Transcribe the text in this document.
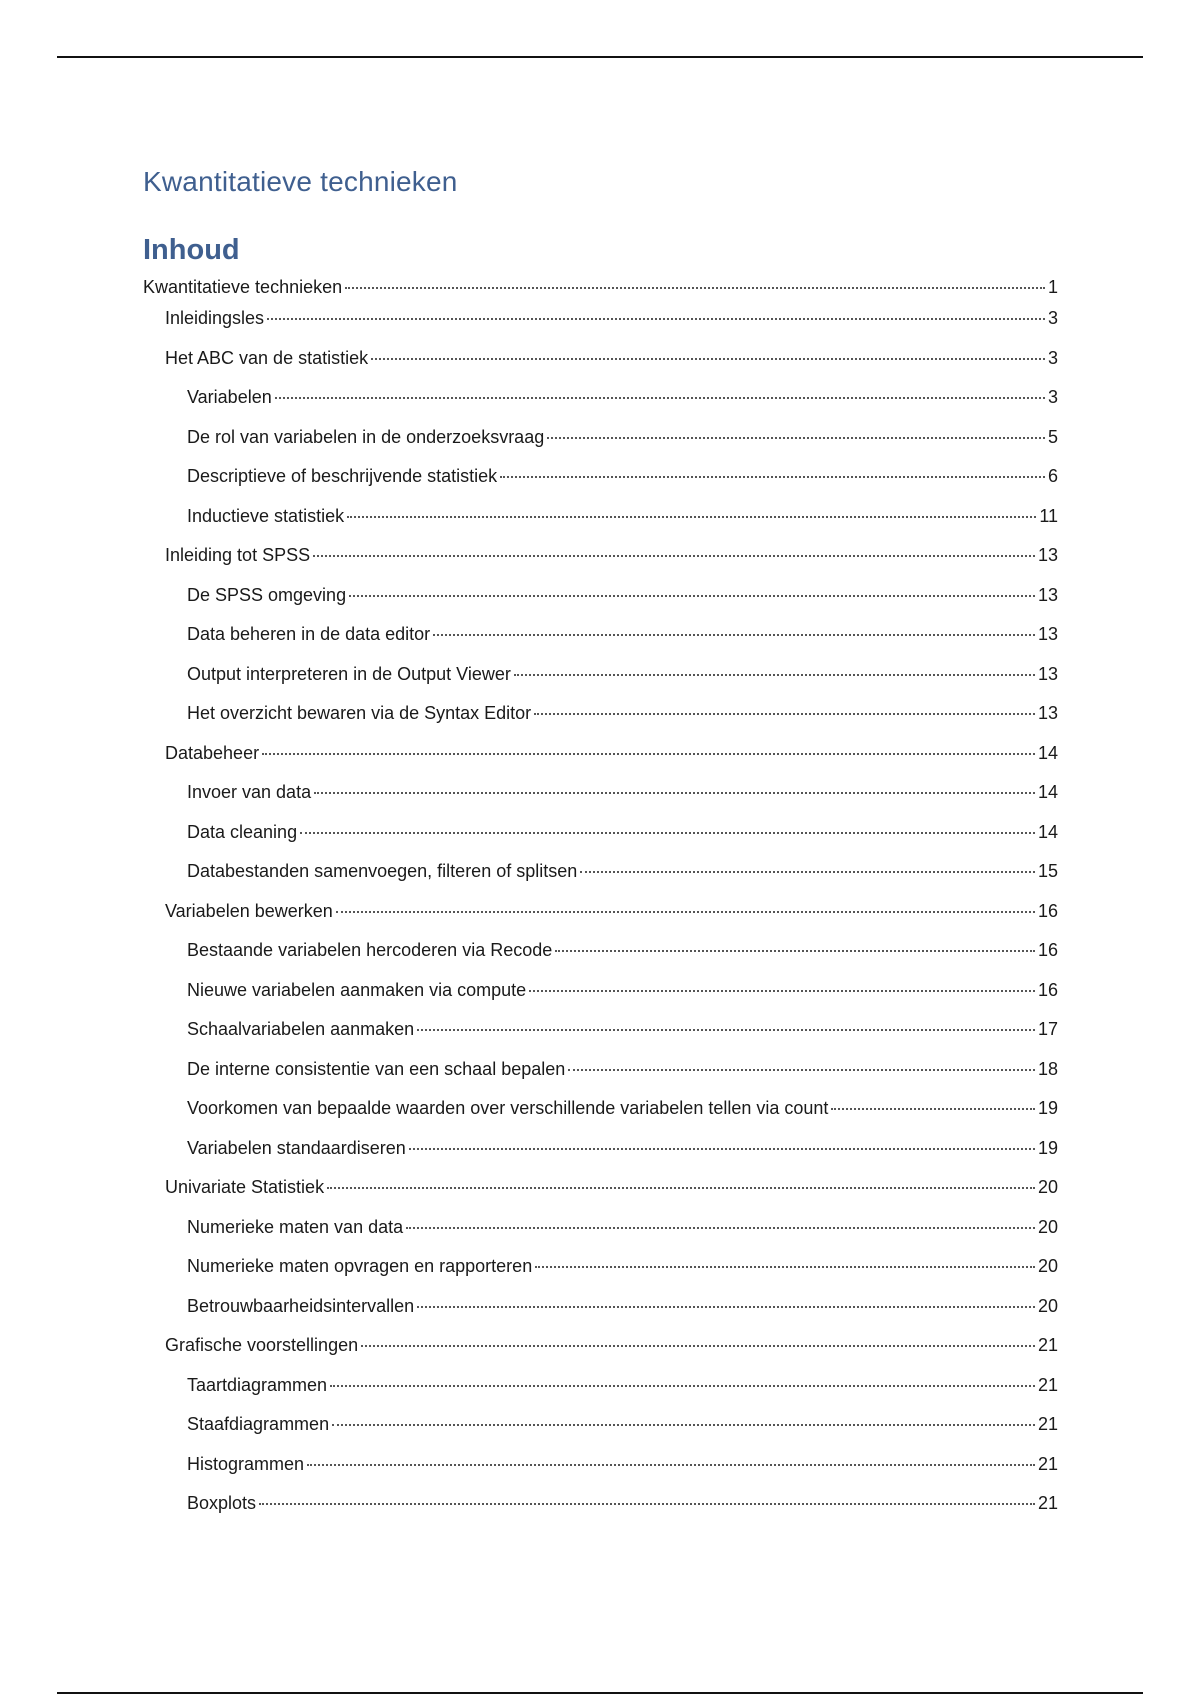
Kwantitatieve technieken
Inhoud
Kwantitatieve technieken	1
Inleidingsles	3
Het ABC van de statistiek	3
Variabelen	3
De rol van variabelen in de onderzoeksvraag	5
Descriptieve of beschrijvende statistiek	6
Inductieve statistiek	11
Inleiding tot SPSS	13
De SPSS omgeving	13
Data beheren in de data editor	13
Output interpreteren in de Output Viewer	13
Het overzicht bewaren via de Syntax Editor	13
Databeheer	14
Invoer van data	14
Data cleaning	14
Databestanden samenvoegen, filteren of splitsen	15
Variabelen bewerken	16
Bestaande variabelen hercoderen via Recode	16
Nieuwe variabelen aanmaken via compute	16
Schaalvariabelen aanmaken	17
De interne consistentie van een schaal bepalen	18
Voorkomen van bepaalde waarden over verschillende variabelen tellen via count	19
Variabelen standaardiseren	19
Univariate Statistiek	20
Numerieke maten van data	20
Numerieke maten opvragen en rapporteren	20
Betrouwbaarheidsintervallen	20
Grafische voorstellingen	21
Taartdiagrammen	21
Staafdiagrammen	21
Histogrammen	21
Boxplots	21
